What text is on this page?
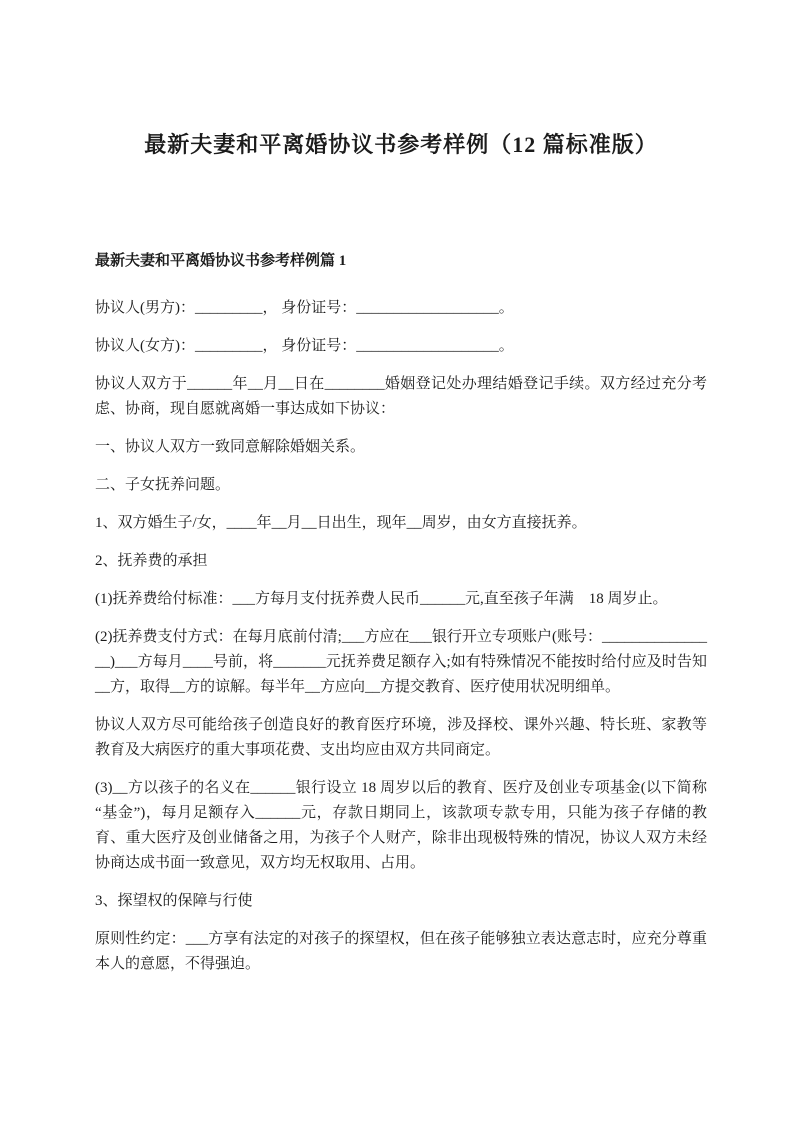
最新夫妻和平离婚协议书参考样例（12 篇标准版）
最新夫妻和平离婚协议书参考样例篇 1

协议人(男方)：_________， 身份证号：___________________。

协议人(女方)：_________， 身份证号：___________________。

协议人双方于______年__月__日在________婚姻登记处办理结婚登记手续。双方经过充分考虑、协商，现自愿就离婚一事达成如下协议：

一、协议人双方一致同意解除婚姻关系。

二、子女抚养问题。

1、双方婚生子/女，____年__月__日出生，现年__周岁，由女方直接抚养。

2、抚养费的承担

(1)抚养费给付标准：___方每月支付抚养费人民币______元,直至孩子年满　18 周岁止。

(2)抚养费支付方式：在每月底前付清;___方应在___银行开立专项账户(账号：________________)___方每月____号前，将_______元抚养费足额存入;如有特殊情况不能按时给付应及时告知__方，取得__方的谅解。每半年__方应向__方提交教育、医疗使用状况明细单。

协议人双方尽可能给孩子创造良好的教育医疗环境，涉及择校、课外兴趣、特长班、家教等教育及大病医疗的重大事项花费、支出均应由双方共同商定。

(3)__方以孩子的名义在______银行设立 18 周岁以后的教育、医疗及创业专项基金(以下简称“基金”)，每月足额存入______元，存款日期同上，该款项专款专用，只能为孩子存储的教育、重大医疗及创业储备之用，为孩子个人财产，除非出现极特殊的情况，协议人双方未经协商达成书面一致意见，双方均无权取用、占用。

3、探望权的保障与行使

原则性约定：___方享有法定的对孩子的探望权，但在孩子能够独立表达意志时，应充分尊重本人的意愿，不得强迫。
